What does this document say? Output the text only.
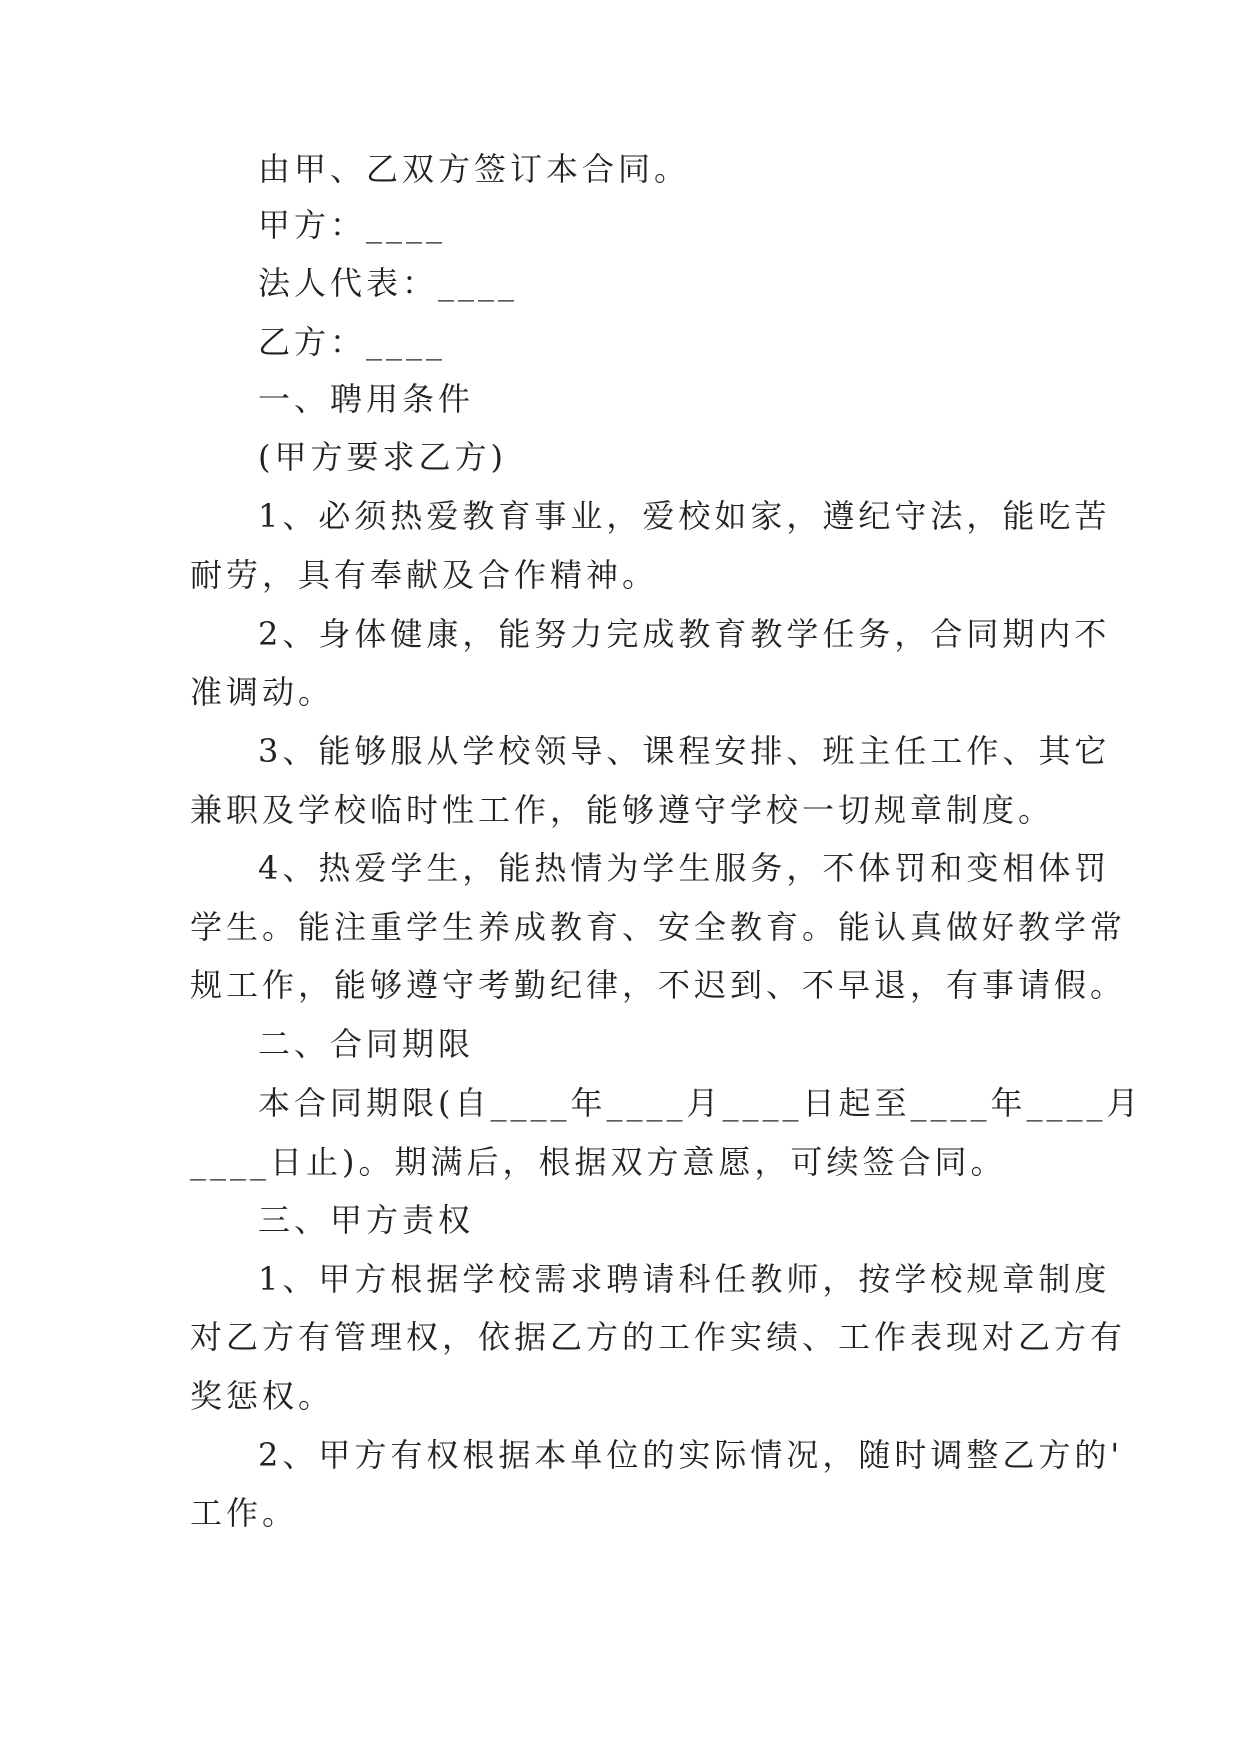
由甲、乙双方签订本合同。
甲方：____
法人代表：____
乙方：____
一、聘用条件
(甲方要求乙方)
1、必须热爱教育事业，爱校如家，遵纪守法，能吃苦
耐劳，具有奉献及合作精神。
2、身体健康，能努力完成教育教学任务，合同期内不
准调动。
3、能够服从学校领导、课程安排、班主任工作、其它
兼职及学校临时性工作，能够遵守学校一切规章制度。
4、热爱学生，能热情为学生服务，不体罚和变相体罚
学生。能注重学生养成教育、安全教育。能认真做好教学常
规工作，能够遵守考勤纪律，不迟到、不早退，有事请假。
二、合同期限
本合同期限(自____年____月____日起至____年____月
____日止)。期满后，根据双方意愿，可续签合同。
三、甲方责权
1、甲方根据学校需求聘请科任教师，按学校规章制度
对乙方有管理权，依据乙方的工作实绩、工作表现对乙方有
奖惩权。
2、甲方有权根据本单位的实际情况，随时调整乙方的'
工作。
